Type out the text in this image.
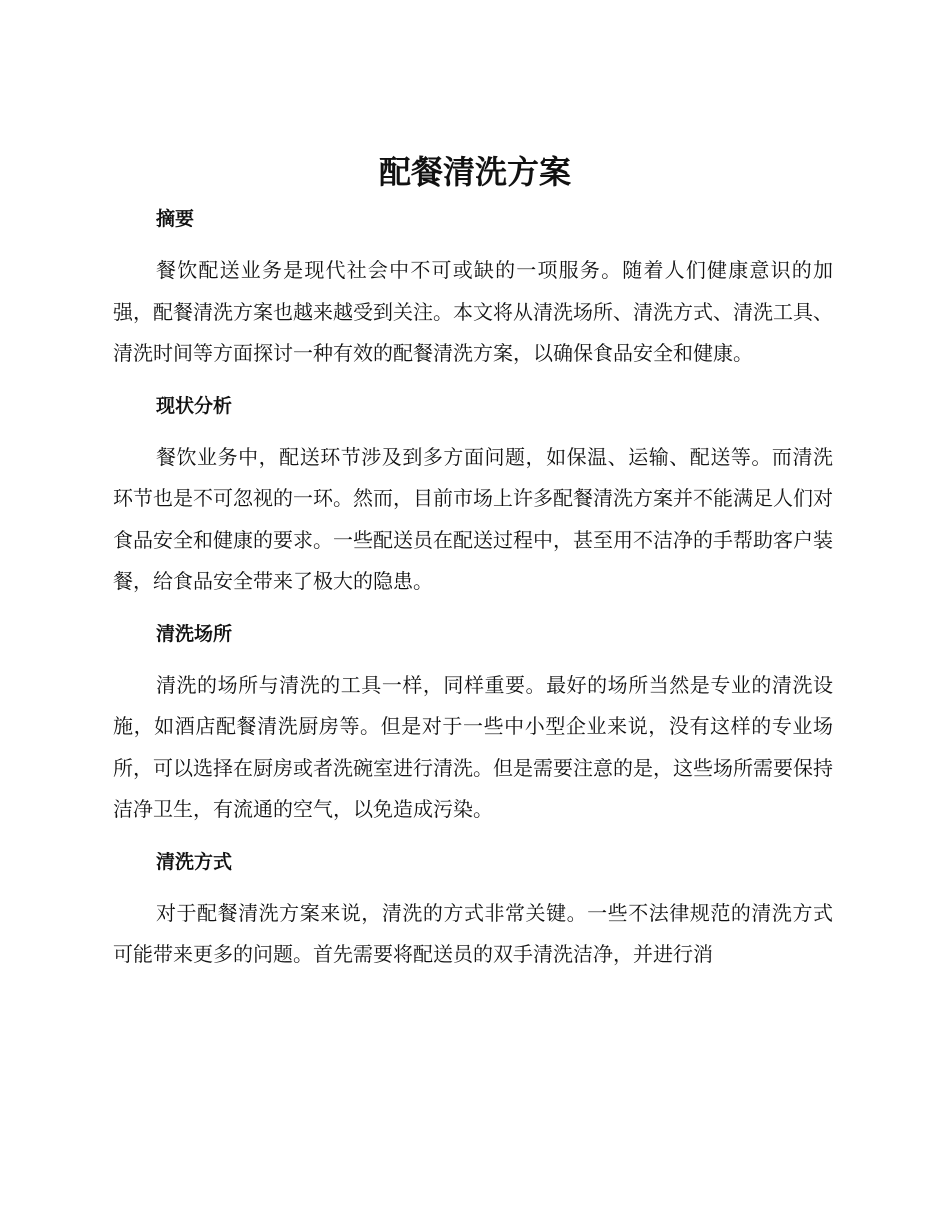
配餐清洗方案
摘要

餐饮配送业务是现代社会中不可或缺的一项服务。随着人们健康意识的加强，配餐清洗方案也越来越受到关注。本文将从清洗场所、清洗方式、清洗工具、清洗时间等方面探讨一种有效的配餐清洗方案，以确保食品安全和健康。

现状分析

餐饮业务中，配送环节涉及到多方面问题，如保温、运输、配送等。而清洗环节也是不可忽视的一环。然而，目前市场上许多配餐清洗方案并不能满足人们对食品安全和健康的要求。一些配送员在配送过程中，甚至用不洁净的手帮助客户装餐，给食品安全带来了极大的隐患。

清洗场所

清洗的场所与清洗的工具一样，同样重要。最好的场所当然是专业的清洗设施，如酒店配餐清洗厨房等。但是对于一些中小型企业来说，没有这样的专业场所，可以选择在厨房或者洗碗室进行清洗。但是需要注意的是，这些场所需要保持洁净卫生，有流通的空气，以免造成污染。

清洗方式

对于配餐清洗方案来说，清洗的方式非常关键。一些不法律规范的清洗方式可能带来更多的问题。首先需要将配送员的双手清洗洁净，并进行消
